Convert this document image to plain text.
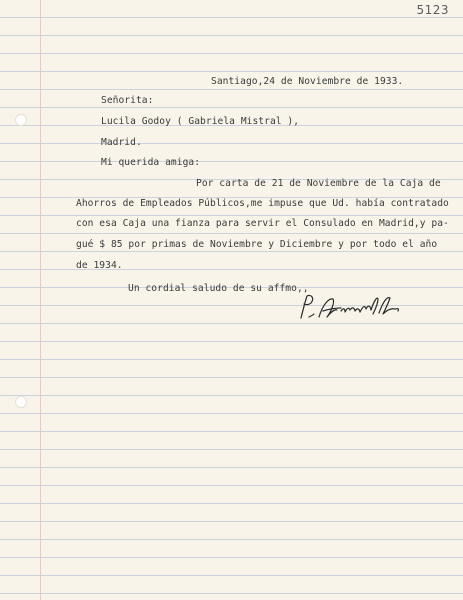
5123
Santiago,24 de Noviembre de 1933.
Señorita:
Lucila Godoy ( Gabriela Mistral ),
Madrid.
Mi querida amiga:
Por carta de 21 de Noviembre de la Caja de
Ahorros de Empleados Públicos,me impuse que Ud. había contratado
con esa Caja una fianza para servir el Consulado en Madrid,y pa-
gué $ 85 por primas de Noviembre y Diciembre y por todo el año
de 1934.
Un cordial saludo de su affmo,,
